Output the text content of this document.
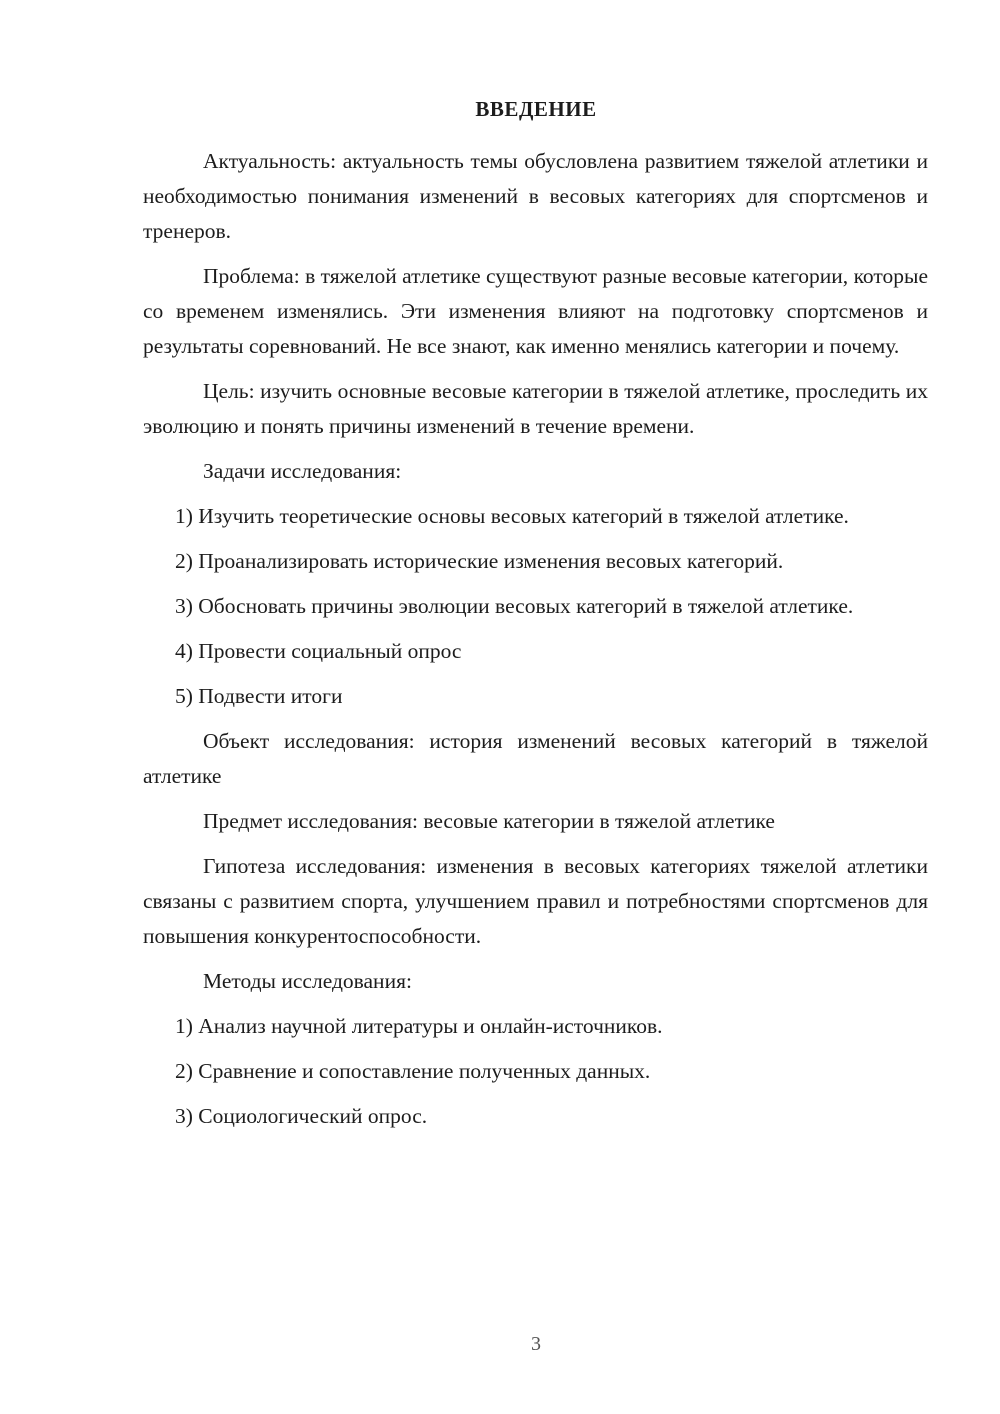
ВВЕДЕНИЕ

Актуальность: актуальность темы обусловлена развитием тяжелой атлетики и необходимостью понимания изменений в весовых категориях для спортсменов и тренеров.

Проблема: в тяжелой атлетике существуют разные весовые категории, которые со временем изменялись. Эти изменения влияют на подготовку спортсменов и результаты соревнований. Не все знают, как именно менялись категории и почему.

Цель: изучить основные весовые категории в тяжелой атлетике, проследить их эволюцию и понять причины изменений в течение времени.

Задачи исследования:

1) Изучить теоретические основы весовых категорий в тяжелой атлетике.

2) Проанализировать исторические изменения весовых категорий.

3) Обосновать причины эволюции весовых категорий в тяжелой атлетике.

4) Провести социальный опрос

5) Подвести итоги

Объект исследования: история изменений весовых категорий в тяжелой атлетике

Предмет исследования: весовые категории в тяжелой атлетике

Гипотеза исследования: изменения в весовых категориях тяжелой атлетики связаны с развитием спорта, улучшением правил и потребностями спортсменов для повышения конкурентоспособности.

Методы исследования:

1) Анализ научной литературы и онлайн-источников.

2) Сравнение и сопоставление полученных данных.

3) Социологический опрос.

3
